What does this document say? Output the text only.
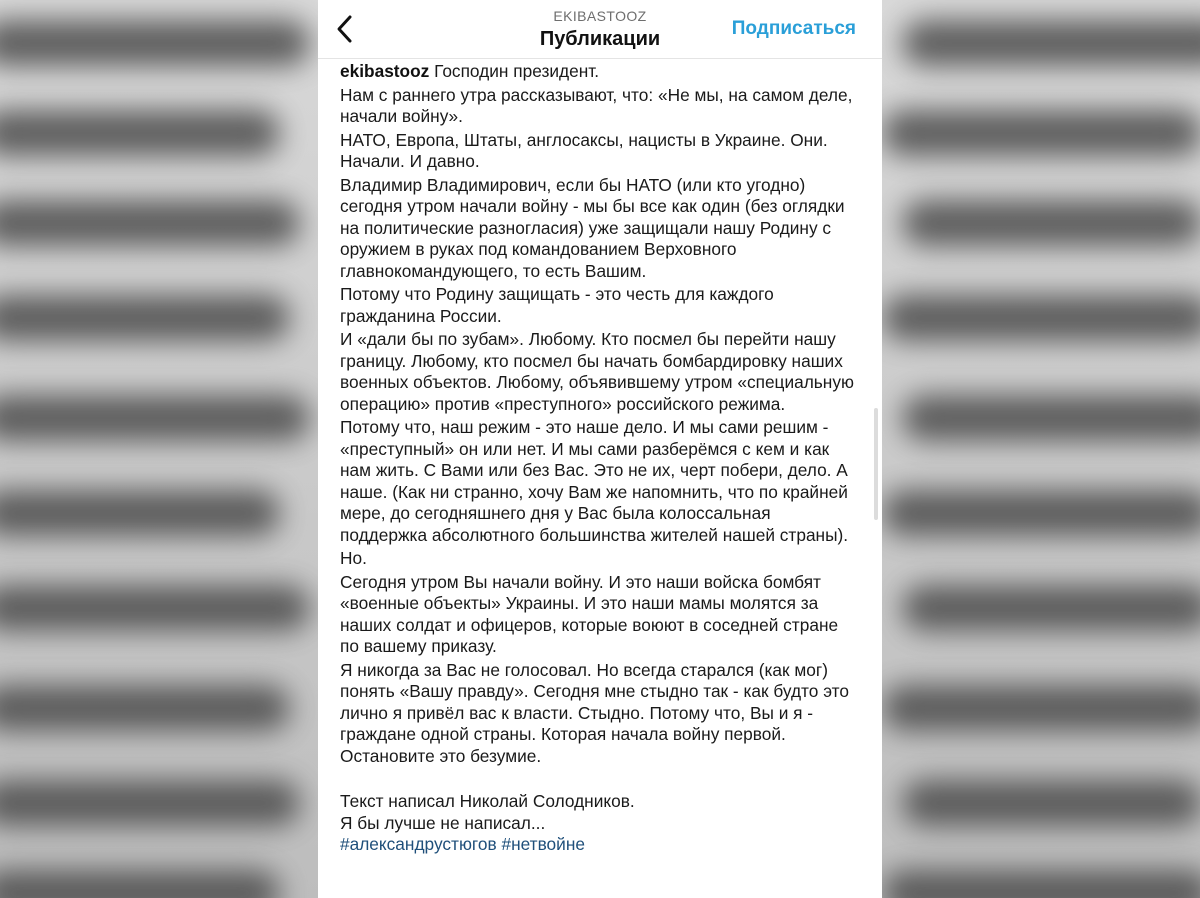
EKIBASTOOZ
Публикации	Подписаться

ekibastooz Господин президент.

Нам с раннего утра рассказывают, что: «Не мы, на самом деле, начали войну».

НАТО, Европа, Штаты, англосаксы, нацисты в Украине. Они. Начали. И давно.

Владимир Владимирович, если бы НАТО (или кто угодно) сегодня утром начали войну - мы бы все как один (без оглядки на политические разногласия) уже защищали нашу Родину с оружием в руках под командованием Верховного главнокомандующего, то есть Вашим.

Потому что Родину защищать - это честь для каждого гражданина России.

И «дали бы по зубам». Любому. Кто посмел бы перейти нашу границу. Любому, кто посмел бы начать бомбардировку наших военных объектов. Любому, объявившему утром «специальную операцию» против «преступного» российского режима.

Потому что, наш режим - это наше дело. И мы сами решим - «преступный» он или нет. И мы сами разберёмся с кем и как нам жить. С Вами или без Вас. Это не их, черт побери, дело. А наше. (Как ни странно, хочу Вам же напомнить, что по крайней мере, до сегодняшнего дня у Вас была колоссальная поддержка абсолютного большинства жителей нашей страны).

Но.

Сегодня утром Вы начали войну. И это наши войска бомбят «военные объекты» Украины. И это наши мамы молятся за наших солдат и офицеров, которые воюют в соседней стране по вашему приказу.

Я никогда за Вас не голосовал. Но всегда старался (как мог) понять «Вашу правду». Сегодня мне стыдно так - как будто это лично я привёл вас к власти. Стыдно. Потому что, Вы и я - граждане одной страны. Которая начала войну первой. Остановите это безумие.

Текст написал Николай Солодников.
Я бы лучше не написал...
#александрустюгов #нетвойне
